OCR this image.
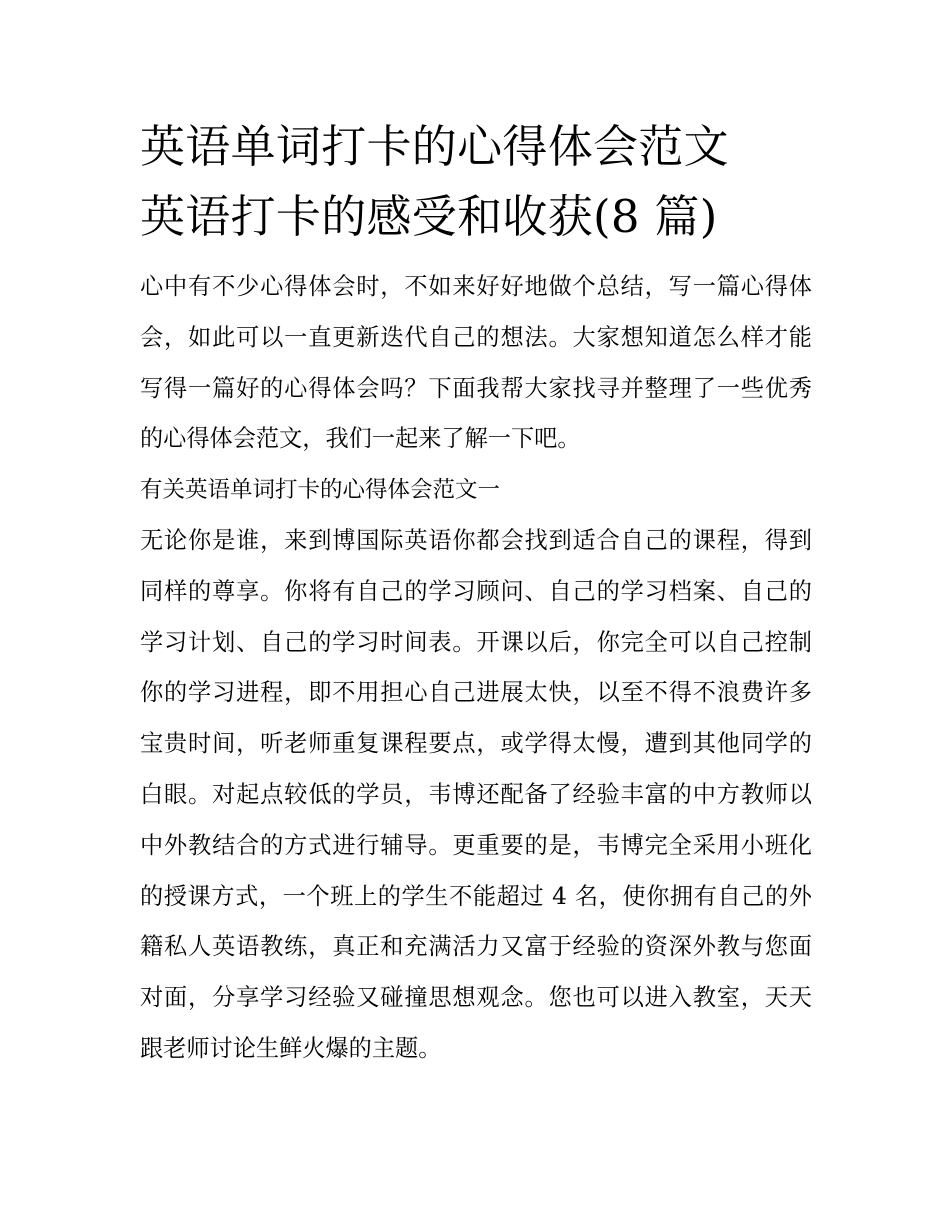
英语单词打卡的心得体会范文
英语打卡的感受和收获(8 篇)

心中有不少心得体会时，不如来好好地做个总结，写一篇心得体会，如此可以一直更新迭代自己的想法。大家想知道怎么样才能写得一篇好的心得体会吗？下面我帮大家找寻并整理了一些优秀的心得体会范文，我们一起来了解一下吧。

有关英语单词打卡的心得体会范文一

无论你是谁，来到博国际英语你都会找到适合自己的课程，得到同样的尊享。你将有自己的学习顾问、自己的学习档案、自己的学习计划、自己的学习时间表。开课以后，你完全可以自己控制你的学习进程，即不用担心自己进展太快，以至不得不浪费许多宝贵时间，听老师重复课程要点，或学得太慢，遭到其他同学的白眼。对起点较低的学员，韦博还配备了经验丰富的中方教师以中外教结合的方式进行辅导。更重要的是，韦博完全采用小班化的授课方式，一个班上的学生不能超过 4 名，使你拥有自己的外籍私人英语教练，真正和充满活力又富于经验的资深外教与您面对面，分享学习经验又碰撞思想观念。您也可以进入教室，天天跟老师讨论生鲜火爆的主题。
